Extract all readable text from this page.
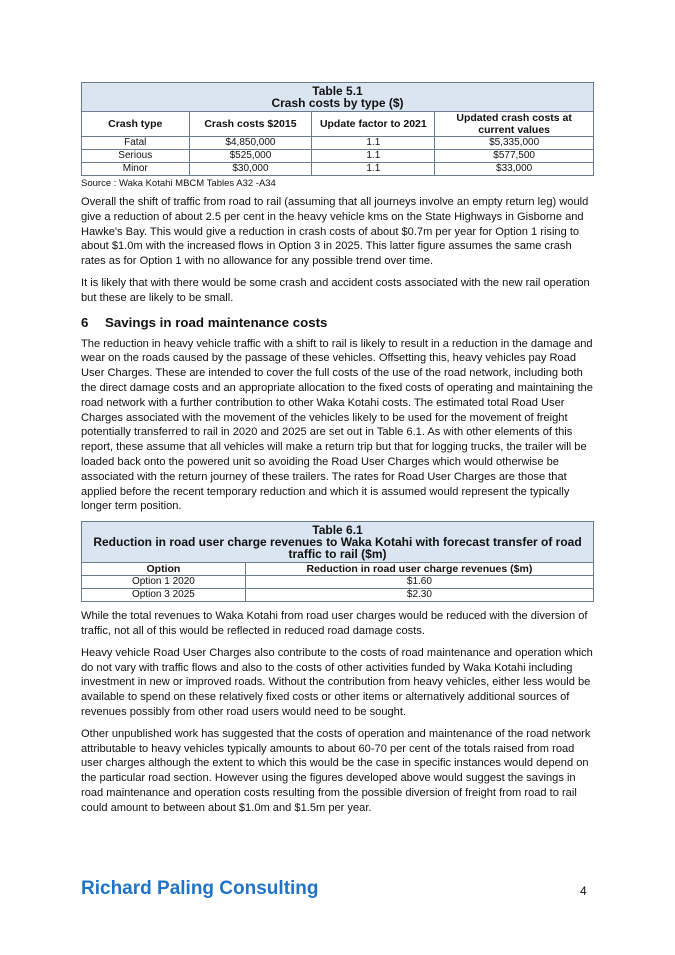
Table 5.1
Crash costs by type ($)			

Crash type	Crash costs $2015	Update factor to 2021	Updated crash costs at current values
Fatal	$4,850,000	1.1	$5,335,000
Serious	$525,000	1.1	$577,500
Minor	$30,000	1.1	$33,000
Source : Waka Kotahi MBCM Tables A32 -A34

Overall the shift of traffic from road to rail (assuming that all journeys involve an empty return leg) would give a reduction of about 2.5 per cent in the heavy vehicle kms on the State Highways in Gisborne and Hawke's Bay. This would give a reduction in crash costs of about $0.7m per year for Option 1 rising to about $1.0m with the increased flows in Option 3 in 2025. This latter figure assumes the same crash rates as for Option 1 with no allowance for any possible trend over time.

It is likely that with there would be some crash and accident costs associated with the new rail operation but these are likely to be small.

6 Savings in road maintenance costs

The reduction in heavy vehicle traffic with a shift to rail is likely to result in a reduction in the damage and wear on the roads caused by the passage of these vehicles. Offsetting this, heavy vehicles pay Road User Charges. These are intended to cover the full costs of the use of the road network, including both the direct damage costs and an appropriate allocation to the fixed costs of operating and maintaining the road network with a further contribution to other Waka Kotahi costs. The estimated total Road User Charges associated with the movement of the vehicles likely to be used for the movement of freight potentially transferred to rail in 2020 and 2025 are set out in Table 6.1. As with other elements of this report, these assume that all vehicles will make a return trip but that for logging trucks, the trailer will be loaded back onto the powered unit so avoiding the Road User Charges which would otherwise be associated with the return journey of these trailers. The rates for Road User Charges are those that applied before the recent temporary reduction and which it is assumed would represent the typically longer term position.

Table 6.1
Reduction in road user charge revenues to Waka Kotahi with forecast transfer of road traffic to rail ($m)	

Option	Reduction in road user charge revenues ($m)
Option 1 2020	$1.60
Option 3 2025	$2.30

While the total revenues to Waka Kotahi from road user charges would be reduced with the diversion of traffic, not all of this would be reflected in reduced road damage costs.

Heavy vehicle Road User Charges also contribute to the costs of road maintenance and operation which do not vary with traffic flows and also to the costs of other activities funded by Waka Kotahi including investment in new or improved roads. Without the contribution from heavy vehicles, either less would be available to spend on these relatively fixed costs or other items or alternatively additional sources of revenues possibly from other road users would need to be sought.

Other unpublished work has suggested that the costs of operation and maintenance of the road network attributable to heavy vehicles typically amounts to about 60-70 per cent of the totals raised from road user charges although the extent to which this would be the case in specific instances would depend on the particular road section. However using the figures developed above would suggest the savings in road maintenance and operation costs resulting from the possible diversion of freight from road to rail could amount to between about $1.0m and $1.5m per year.

Richard Paling Consulting	4
